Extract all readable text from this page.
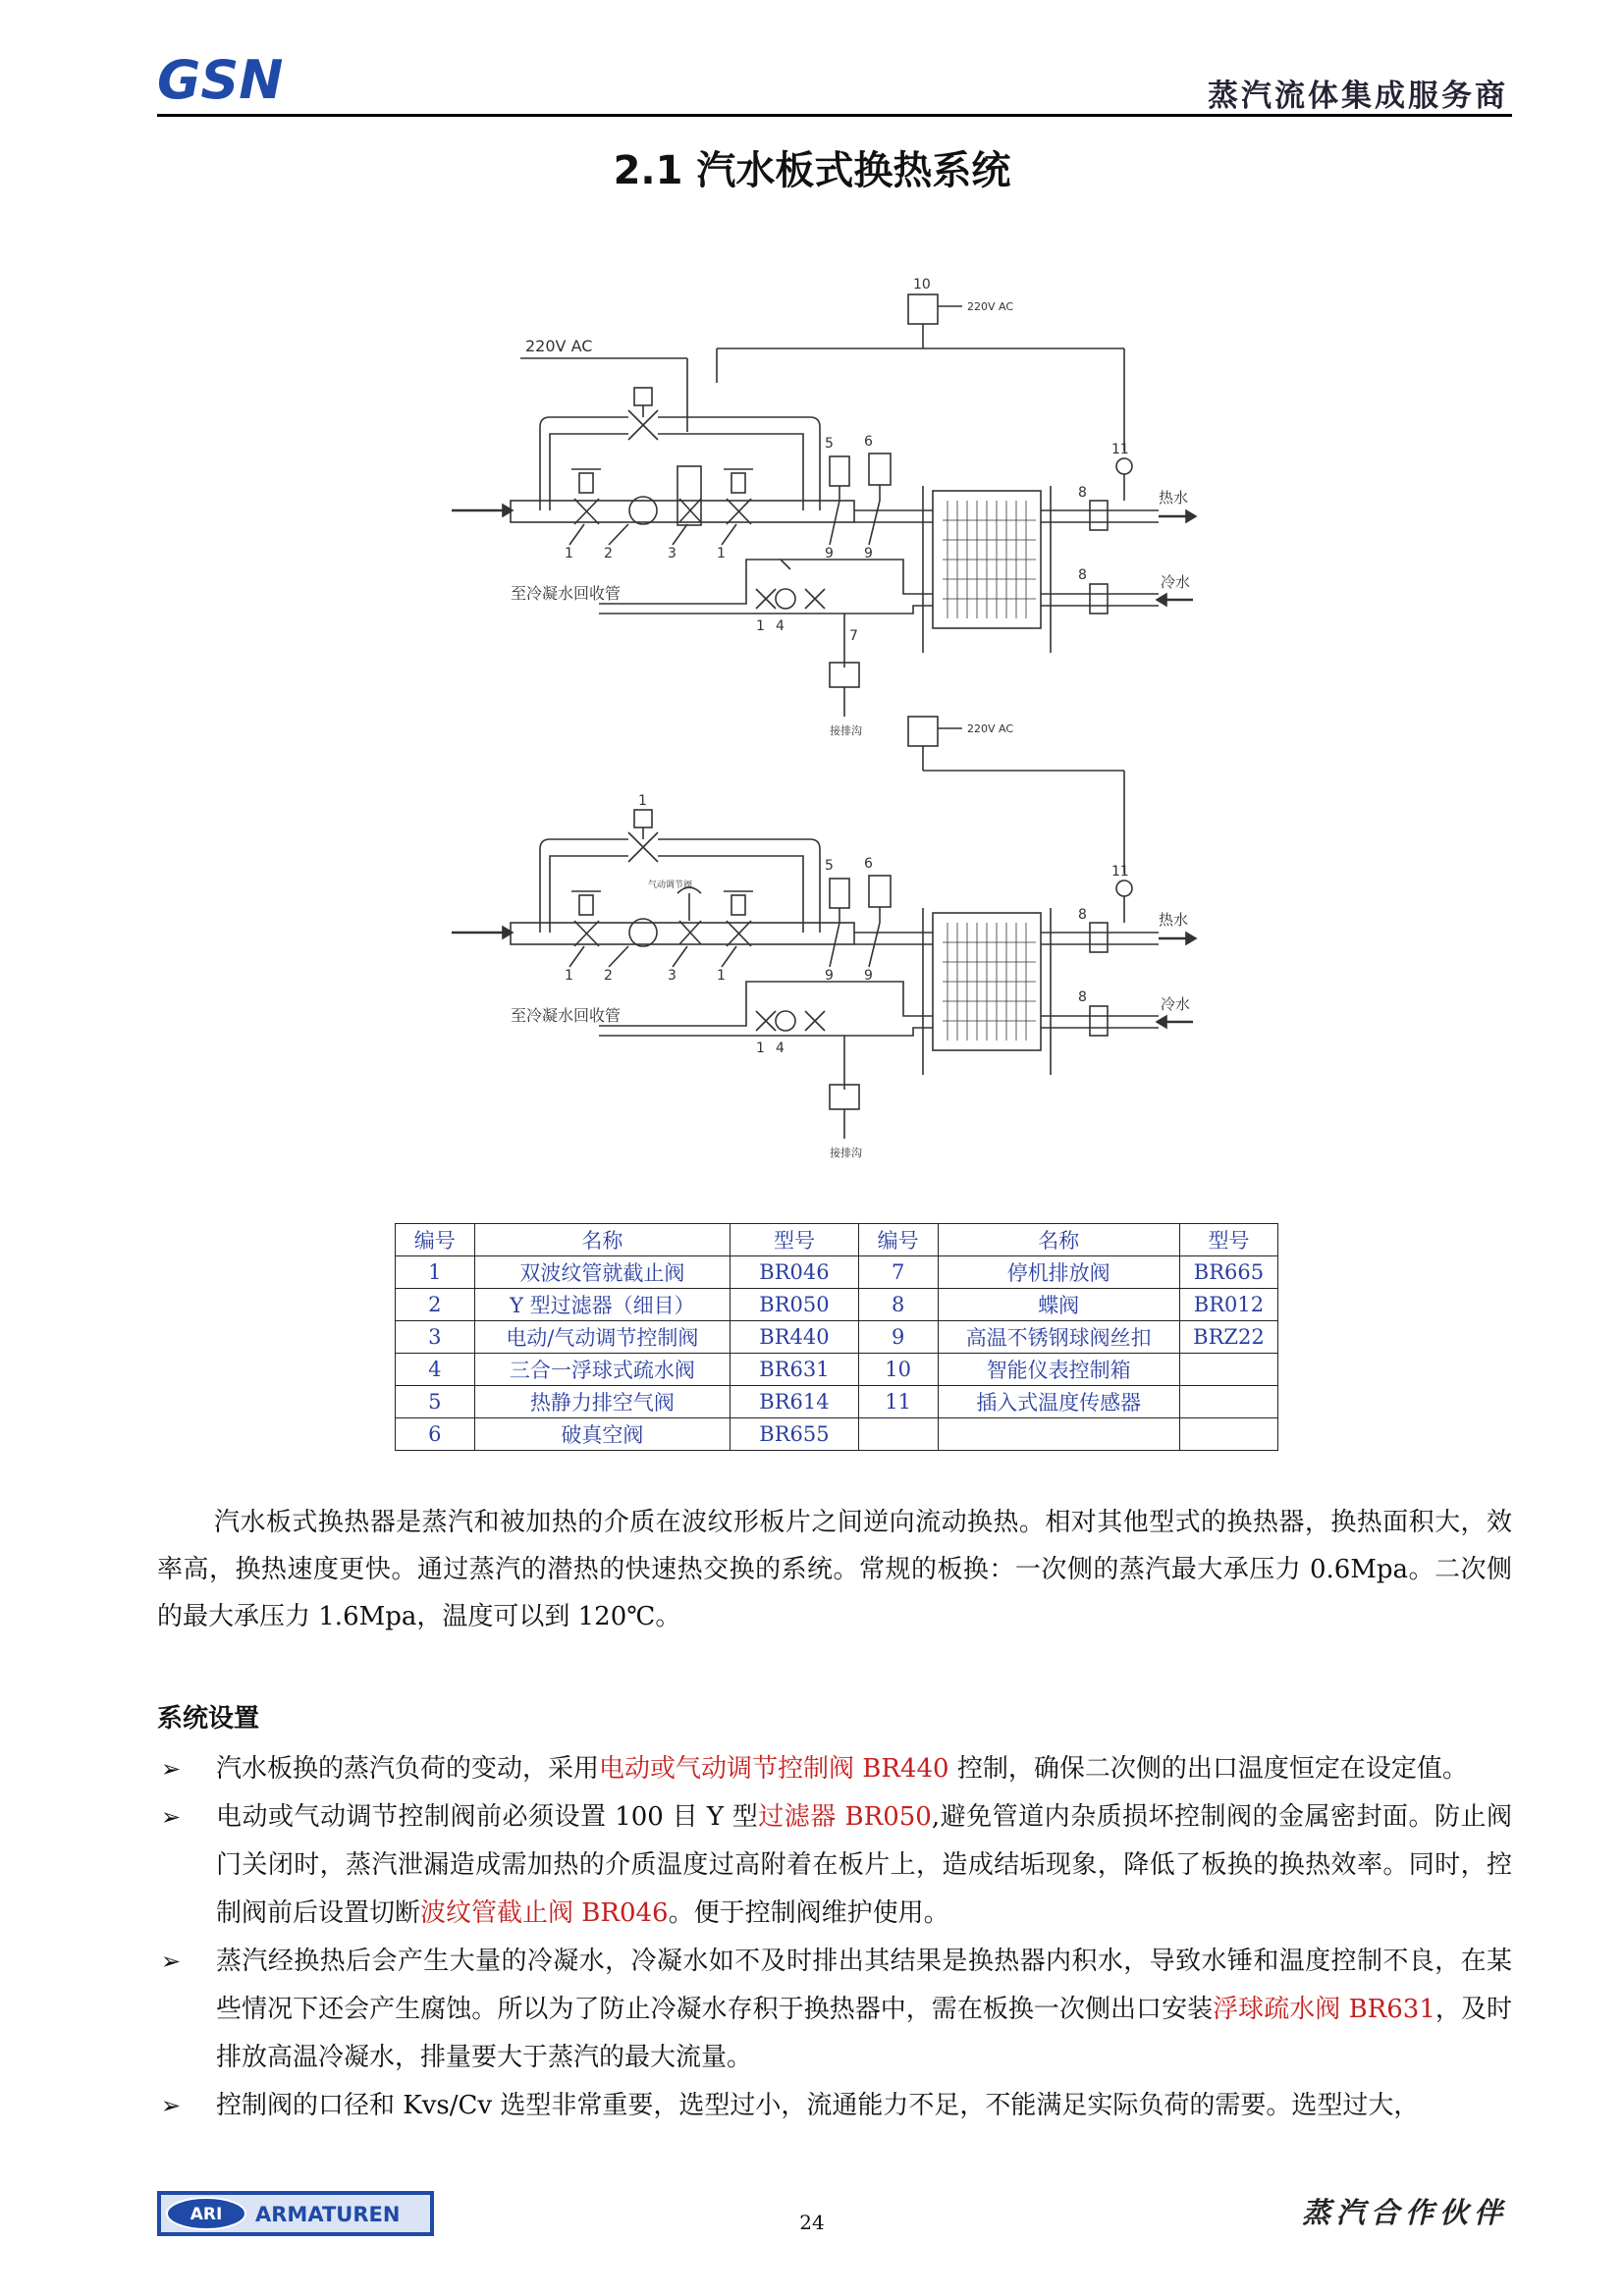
GSN	蒸汽流体集成服务商
2.1 汽水板式换热系统
220V AC
220V AC
至冷凝水回收管
热水
冷水
接排沟
1 2	3	1
4
1
7
5 6
9 9
8
8
11
10
220V AC
气动调节阀
至冷凝水回收管
热水
冷水
接排沟
1 2	3	1
4
1
5 6
9 9
8
8
11
1
编号	名称	型号	编号	名称	型号
1	双波纹管就截止阀	BR046	7	停机排放阀	BR665
2	Y 型过滤器（细目）	BR050	8	蝶阀	BR012
3	电动/气动调节控制阀	BR440	9	高温不锈钢球阀丝扣	BRZ22
4	三合一浮球式疏水阀	BR631	10	智能仪表控制箱	
5	热静力排空气阀	BR614	11	插入式温度传感器	
6	破真空阀	BR655			

汽水板式换热器是蒸汽和被加热的介质在波纹形板片之间逆向流动换热。相对其他型式的换热器，换热面积大，效率高，换热速度更快。通过蒸汽的潜热的快速热交换的系统。常规的板换：一次侧的蒸汽最大承压力 0.6Mpa。二次侧的最大承压力 1.6Mpa，温度可以到 120℃。

系统设置
➢ 汽水板换的蒸汽负荷的变动，采用电动或气动调节控制阀 BR440 控制，确保二次侧的出口温度恒定在设定值。
➢ 电动或气动调节控制阀前必须设置 100 目 Y 型过滤器 BR050,避免管道内杂质损坏控制阀的金属密封面。防止阀门关闭时，蒸汽泄漏造成需加热的介质温度过高附着在板片上，造成结垢现象，降低了板换的换热效率。同时，控制阀前后设置切断波纹管截止阀 BR046。便于控制阀维护使用。
➢ 蒸汽经换热后会产生大量的冷凝水，冷凝水如不及时排出其结果是换热器内积水，导致水锤和温度控制不良，在某些情况下还会产生腐蚀。所以为了防止冷凝水存积于换热器中，需在板换一次侧出口安装浮球疏水阀 BR631，及时排放高温冷凝水，排量要大于蒸汽的最大流量。
➢ 控制阀的口径和 Kvs/Cv 选型非常重要，选型过小，流通能力不足，不能满足实际负荷的需要。选型过大，
ARI ARMATUREN	24	蒸汽合作伙伴
